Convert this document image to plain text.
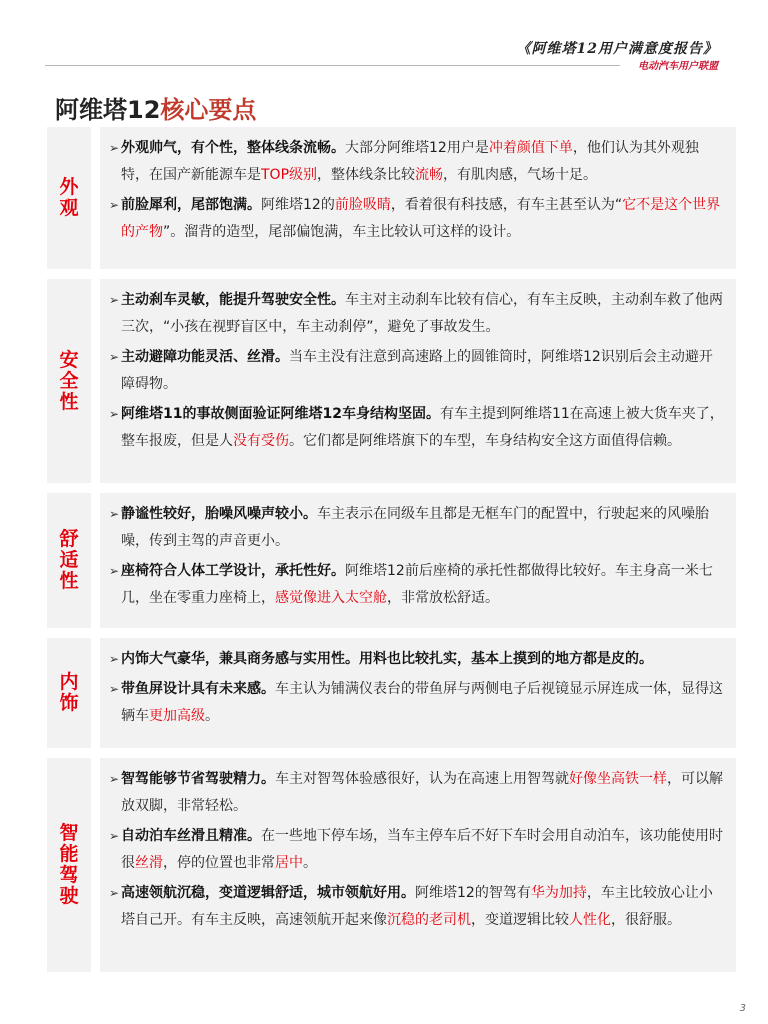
《阿维塔12用户满意度报告》
电动汽车用户联盟
阿维塔12核心要点
外观
➢ 外观帅气，有个性，整体线条流畅。大部分阿维塔12用户是冲着颜值下单，他们认为其外观独特，在国产新能源车是TOP级别，整体线条比较流畅，有肌肉感，气场十足。
➢ 前脸犀利，尾部饱满。阿维塔12的前脸吸睛，看着很有科技感，有车主甚至认为“它不是这个世界的产物”。溜背的造型，尾部偏饱满，车主比较认可这样的设计。
安全性
➢ 主动刹车灵敏，能提升驾驶安全性。车主对主动刹车比较有信心，有车主反映，主动刹车救了他两三次，“小孩在视野盲区中，车主动刹停”，避免了事故发生。
➢ 主动避障功能灵活、丝滑。当车主没有注意到高速路上的圆锥筒时，阿维塔12识别后会主动避开障碍物。
➢ 阿维塔11的事故侧面验证阿维塔12车身结构坚固。有车主提到阿维塔11在高速上被大货车夹了，整车报废，但是人没有受伤。它们都是阿维塔旗下的车型，车身结构安全这方面值得信赖。
舒适性
➢ 静谧性较好，胎噪风噪声较小。车主表示在同级车且都是无框车门的配置中，行驶起来的风噪胎噪，传到主驾的声音更小。
➢ 座椅符合人体工学设计，承托性好。阿维塔12前后座椅的承托性都做得比较好。车主身高一米七几，坐在零重力座椅上，感觉像进入太空舱，非常放松舒适。
内饰
➢ 内饰大气豪华，兼具商务感与实用性。用料也比较扎实，基本上摸到的地方都是皮的。
➢ 带鱼屏设计具有未来感。车主认为铺满仪表台的带鱼屏与两侧电子后视镜显示屏连成一体，显得这辆车更加高级。
智能驾驶
➢ 智驾能够节省驾驶精力。车主对智驾体验感很好，认为在高速上用智驾就好像坐高铁一样，可以解放双脚，非常轻松。
➢ 自动泊车丝滑且精准。在一些地下停车场，当车主停车后不好下车时会用自动泊车，该功能使用时很丝滑，停的位置也非常居中。
➢ 高速领航沉稳，变道逻辑舒适，城市领航好用。阿维塔12的智驾有华为加持，车主比较放心让小塔自己开。有车主反映，高速领航开起来像沉稳的老司机，变道逻辑比较人性化，很舒服。
3
